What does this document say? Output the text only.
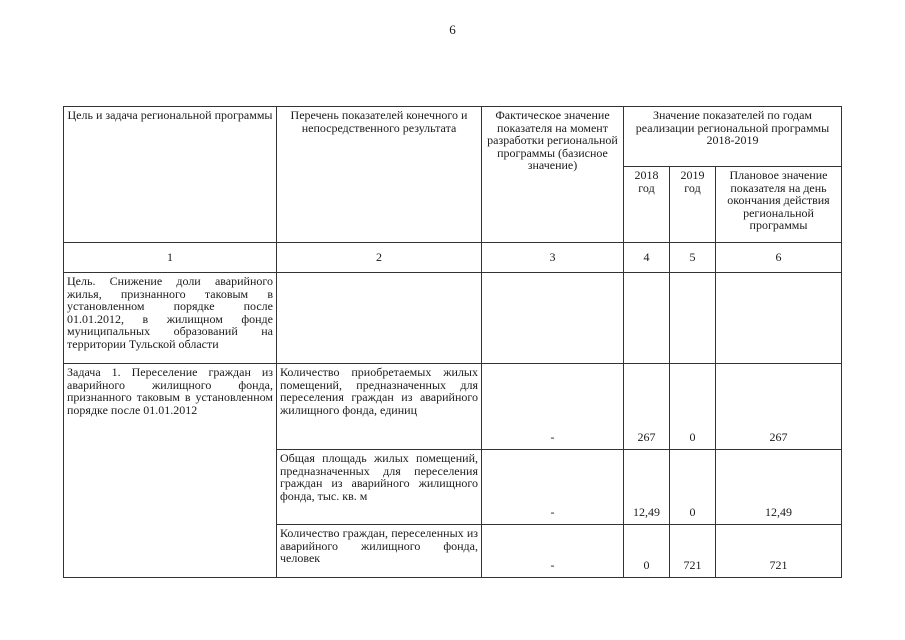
6
Цель и задача региональной программы	Перечень показателей конечного и непосредственного результата	Фактическое значение показателя на момент разработки региональной программы (базисное значение)	Значение показателей по годам реализации региональной программы 2018-2019		
			2018 год	2019 год	Плановое значение показателя на день окончания действия региональной программы
1	2	3	4	5	6
Цель. Снижение доли аварийного жилья, признанного таковым в установленном порядке после 01.01.2012, в жилищном фонде муниципальных образований на территории Тульской области					
Задача 1. Переселение граждан из аварийного жилищного фонда, признанного таковым в установленном порядке после 01.01.2012	Количество приобретаемых жилых помещений, предназначенных для переселения граждан из аварийного жилищного фонда, единиц	-	267	0	267
	Общая площадь жилых помещений, предназначенных для переселения граждан из аварийного жилищного фонда, тыс. кв. м	-	12,49	0	12,49
	Количество граждан, переселенных из аварийного жилищного фонда, человек	-	0	721	721
